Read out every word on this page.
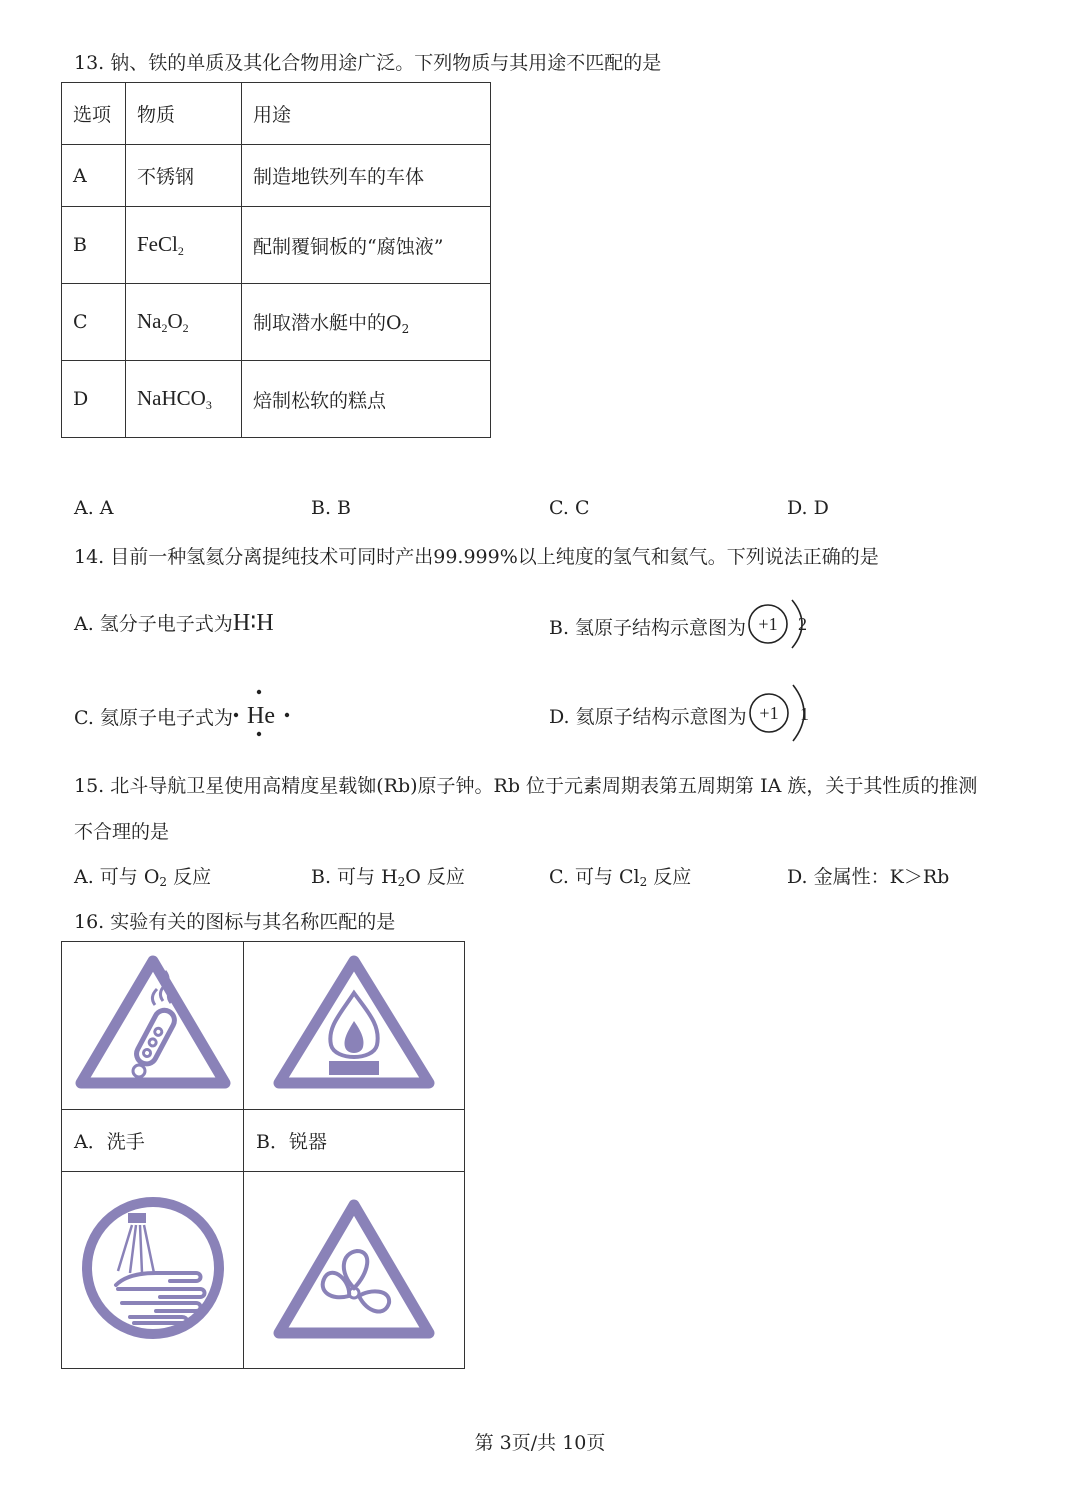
13. 钠、铁的单质及其化合物用途广泛。下列物质与其用途不匹配的是
选项	物质	用途
A	不锈钢	制造地铁列车的车体
B	FeCl$_2$	配制覆铜板的“腐蚀液”
C	$Na_2O_2$	制取潜水艇中的$O_2$
D	NaHCO$_3$	焙制松软的糕点
A. A	B. B	C. C	D. D
14. 目前一种氢氦分离提纯技术可同时产出99.999%以上纯度的氢气和氦气。下列说法正确的是
A. 氢分子电子式为H∶H	B. 氢原子结构示意图为 +1 2
C. 氦原子电子式为 He	D. 氦原子结构示意图为 +1 1
15. 北斗导航卫星使用高精度星载铷(Rb)原子钟。Rb 位于元素周期表第五周期第 IA 族，关于其性质的推测
不合理的是
A. 可与 O2 反应	B. 可与 H2O 反应	C. 可与 Cl2 反应	D. 金属性：K＞Rb
16. 实验有关的图标与其名称匹配的是

A．洗手	B．锐器

第 3页/共 10页
